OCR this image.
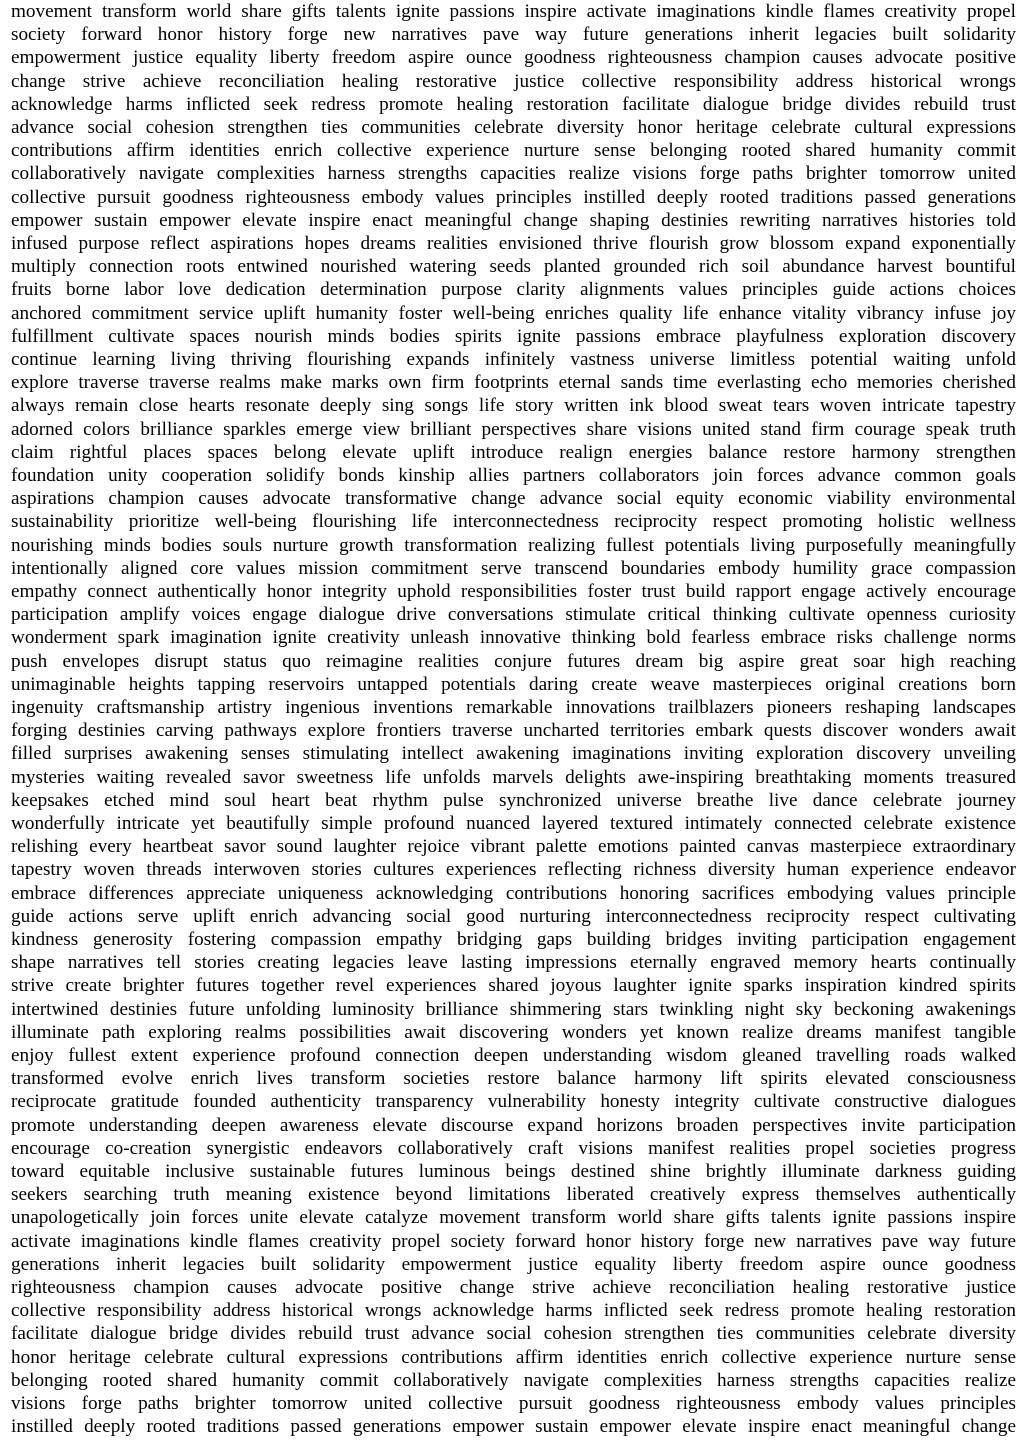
movement transform world share gifts talents ignite passions inspire activate imaginations kindle flames creativity propel
society forward honor history forge new narratives pave way future generations inherit legacies built solidarity
empowerment justice equality liberty freedom aspire ounce goodness righteousness champion causes advocate positive
change strive achieve reconciliation healing restorative justice collective responsibility address historical wrongs
acknowledge harms inflicted seek redress promote healing restoration facilitate dialogue bridge divides rebuild trust
advance social cohesion strengthen ties communities celebrate diversity honor heritage celebrate cultural expressions
contributions affirm identities enrich collective experience nurture sense belonging rooted shared humanity commit
collaboratively navigate complexities harness strengths capacities realize visions forge paths brighter tomorrow united
collective pursuit goodness righteousness embody values principles instilled deeply rooted traditions passed generations
empower sustain empower elevate inspire enact meaningful change shaping destinies rewriting narratives histories told
infused purpose reflect aspirations hopes dreams realities envisioned thrive flourish grow blossom expand exponentially
multiply connection roots entwined nourished watering seeds planted grounded rich soil abundance harvest bountiful
fruits borne labor love dedication determination purpose clarity alignments values principles guide actions choices
anchored commitment service uplift humanity foster well-being enriches quality life enhance vitality vibrancy infuse joy
fulfillment cultivate spaces nourish minds bodies spirits ignite passions embrace playfulness exploration discovery
continue learning living thriving flourishing expands infinitely vastness universe limitless potential waiting unfold
explore traverse traverse realms make marks own firm footprints eternal sands time everlasting echo memories cherished
always remain close hearts resonate deeply sing songs life story written ink blood sweat tears woven intricate tapestry
adorned colors brilliance sparkles emerge view brilliant perspectives share visions united stand firm courage speak truth
claim rightful places spaces belong elevate uplift introduce realign energies balance restore harmony strengthen
foundation unity cooperation solidify bonds kinship allies partners collaborators join forces advance common goals
aspirations champion causes advocate transformative change advance social equity economic viability environmental
sustainability prioritize well-being flourishing life interconnectedness reciprocity respect promoting holistic wellness
nourishing minds bodies souls nurture growth transformation realizing fullest potentials living purposefully meaningfully
intentionally aligned core values mission commitment serve transcend boundaries embody humility grace compassion
empathy connect authentically honor integrity uphold responsibilities foster trust build rapport engage actively encourage
participation amplify voices engage dialogue drive conversations stimulate critical thinking cultivate openness curiosity
wonderment spark imagination ignite creativity unleash innovative thinking bold fearless embrace risks challenge norms
push envelopes disrupt status quo reimagine realities conjure futures dream big aspire great soar high reaching
unimaginable heights tapping reservoirs untapped potentials daring create weave masterpieces original creations born
ingenuity craftsmanship artistry ingenious inventions remarkable innovations trailblazers pioneers reshaping landscapes
forging destinies carving pathways explore frontiers traverse uncharted territories embark quests discover wonders await
filled surprises awakening senses stimulating intellect awakening imaginations inviting exploration discovery unveiling
mysteries waiting revealed savor sweetness life unfolds marvels delights awe-inspiring breathtaking moments treasured
keepsakes etched mind soul heart beat rhythm pulse synchronized universe breathe live dance celebrate journey
wonderfully intricate yet beautifully simple profound nuanced layered textured intimately connected celebrate existence
relishing every heartbeat savor sound laughter rejoice vibrant palette emotions painted canvas masterpiece extraordinary
tapestry woven threads interwoven stories cultures experiences reflecting richness diversity human experience endeavor
embrace differences appreciate uniqueness acknowledging contributions honoring sacrifices embodying values principle
guide actions serve uplift enrich advancing social good nurturing interconnectedness reciprocity respect cultivating
kindness generosity fostering compassion empathy bridging gaps building bridges inviting participation engagement
shape narratives tell stories creating legacies leave lasting impressions eternally engraved memory hearts continually
strive create brighter futures together revel experiences shared joyous laughter ignite sparks inspiration kindred spirits
intertwined destinies future unfolding luminosity brilliance shimmering stars twinkling night sky beckoning awakenings
illuminate path exploring realms possibilities await discovering wonders yet known realize dreams manifest tangible
enjoy fullest extent experience profound connection deepen understanding wisdom gleaned travelling roads walked
transformed evolve enrich lives transform societies restore balance harmony lift spirits elevated consciousness
reciprocate gratitude founded authenticity transparency vulnerability honesty integrity cultivate constructive dialogues
promote understanding deepen awareness elevate discourse expand horizons broaden perspectives invite participation
encourage co-creation synergistic endeavors collaboratively craft visions manifest realities propel societies progress
toward equitable inclusive sustainable futures luminous beings destined shine brightly illuminate darkness guiding
seekers searching truth meaning existence beyond limitations liberated creatively express themselves authentically
unapologetically join forces unite elevate catalyze movement transform world share gifts talents ignite passions inspire
activate imaginations kindle flames creativity propel society forward honor history forge new narratives pave way future
generations inherit legacies built solidarity empowerment justice equality liberty freedom aspire ounce goodness
righteousness champion causes advocate positive change strive achieve reconciliation healing restorative justice
collective responsibility address historical wrongs acknowledge harms inflicted seek redress promote healing restoration
facilitate dialogue bridge divides rebuild trust advance social cohesion strengthen ties communities celebrate diversity
honor heritage celebrate cultural expressions contributions affirm identities enrich collective experience nurture sense
belonging rooted shared humanity commit collaboratively navigate complexities harness strengths capacities realize
visions forge paths brighter tomorrow united collective pursuit goodness righteousness embody values principles
instilled deeply rooted traditions passed generations empower sustain empower elevate inspire enact meaningful change
